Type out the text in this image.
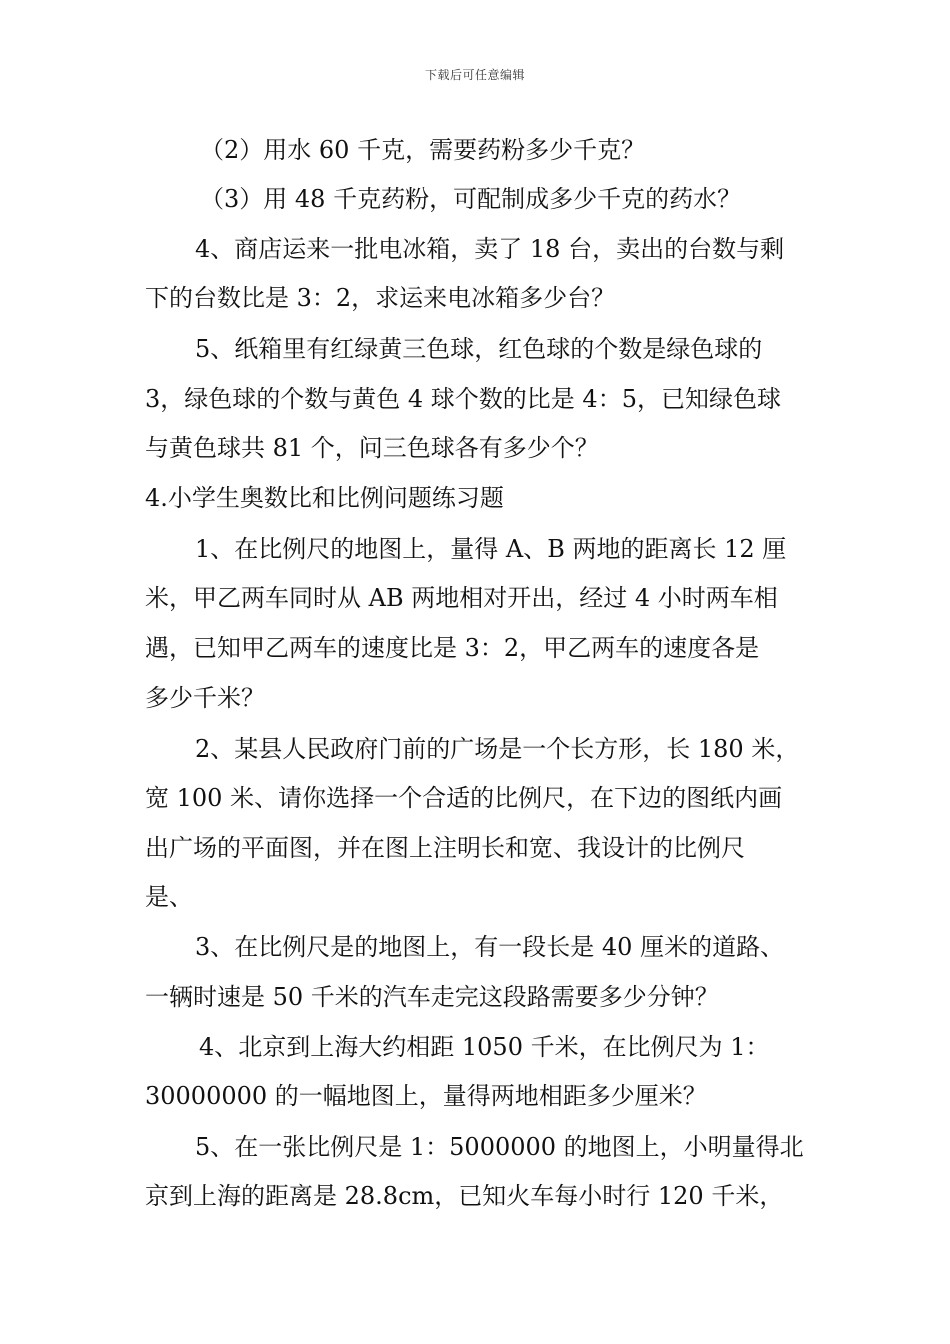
下载后可任意编辑
（2）用水 60 千克，需要药粉多少千克？
（3）用 48 千克药粉，可配制成多少千克的药水？
4、商店运来一批电冰箱，卖了 18 台，卖出的台数与剩
下的台数比是 3：2，求运来电冰箱多少台？
5、纸箱里有红绿黄三色球，红色球的个数是绿色球的
3，绿色球的个数与黄色 4 球个数的比是 4：5，已知绿色球
与黄色球共 81 个，问三色球各有多少个？
4.小学生奥数比和比例问题练习题
1、在比例尺的地图上，量得 A、B 两地的距离长 12 厘
米，甲乙两车同时从 AB 两地相对开出，经过 4 小时两车相
遇，已知甲乙两车的速度比是 3：2，甲乙两车的速度各是
多少千米？
2、某县人民政府门前的广场是一个长方形，长 180 米，
宽 100 米、请你选择一个合适的比例尺，在下边的图纸内画
出广场的平面图，并在图上注明长和宽、我设计的比例尺
是、
3、在比例尺是的地图上，有一段长是 40 厘米的道路、
一辆时速是 50 千米的汽车走完这段路需要多少分钟？
4、北京到上海大约相距 1050 千米，在比例尺为 1：
30000000 的一幅地图上，量得两地相距多少厘米？
5、在一张比例尺是 1：5000000 的地图上，小明量得北
京到上海的距离是 28.8cm，已知火车每小时行 120 千米，
